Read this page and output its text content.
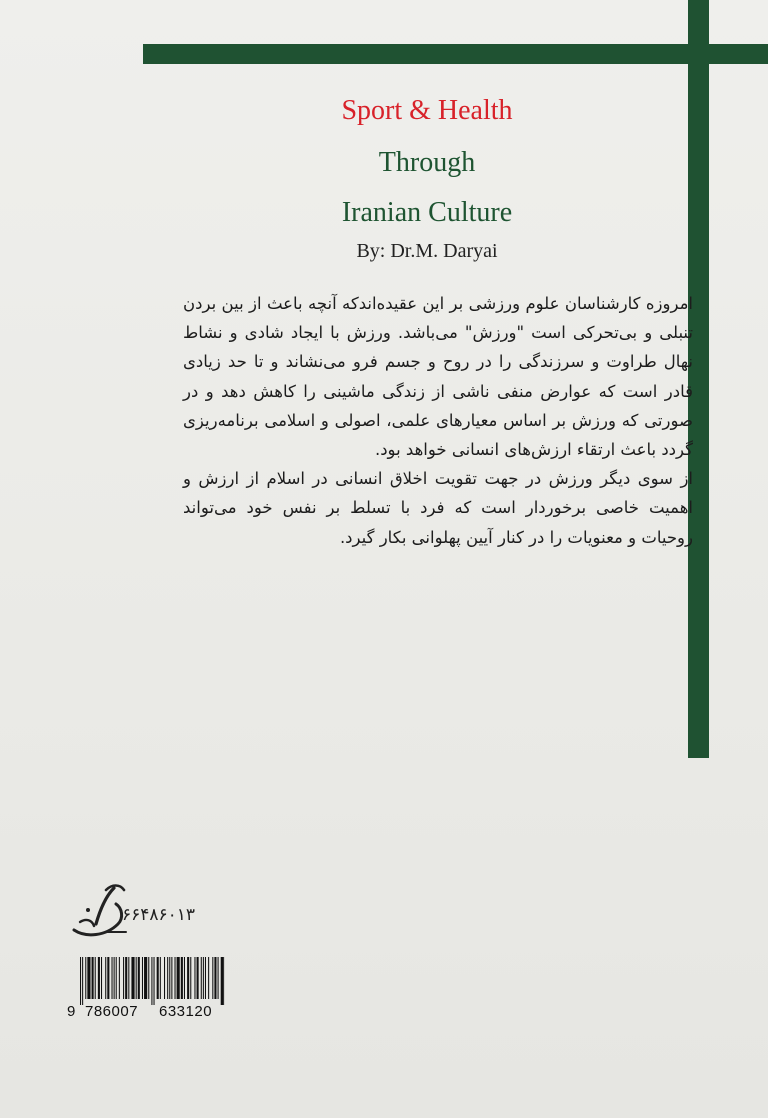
Sport & Health
Through
Iranian Culture
By: Dr.M. Daryai

امروزه کارشناسان علوم ورزشی بر این عقیده‌اند‌که آنچه باعث از بین بردن تنبلی و بی‌تحرکی است "ورزش" می‌باشد. ورزش با ایجاد شادی و نشاط نهال طراوت و سرزندگی را در روح و جسم فرو می‌نشاند و تا حد زیادی قادر است که عوارض منفی ناشی از زندگی ماشینی را کاهش دهد و در صورتی که ورزش بر اساس معیارهای علمی، اصولی و اسلامی برنامه‌ریزی گردد باعث ارتقاء ارزش‌های انسانی خواهد بود.

از سوی دیگر ورزش در جهت تقویت اخلاق انسانی در اسلام از ارزش و اهمیت خاصی برخوردار است که فرد با تسلط بر نفس خود می‌تواند روحیات و معنویات را در کنار آیین پهلوانی بکار گیرد.

۶۶۴۸۶۰۱۳
9 786007 633120
